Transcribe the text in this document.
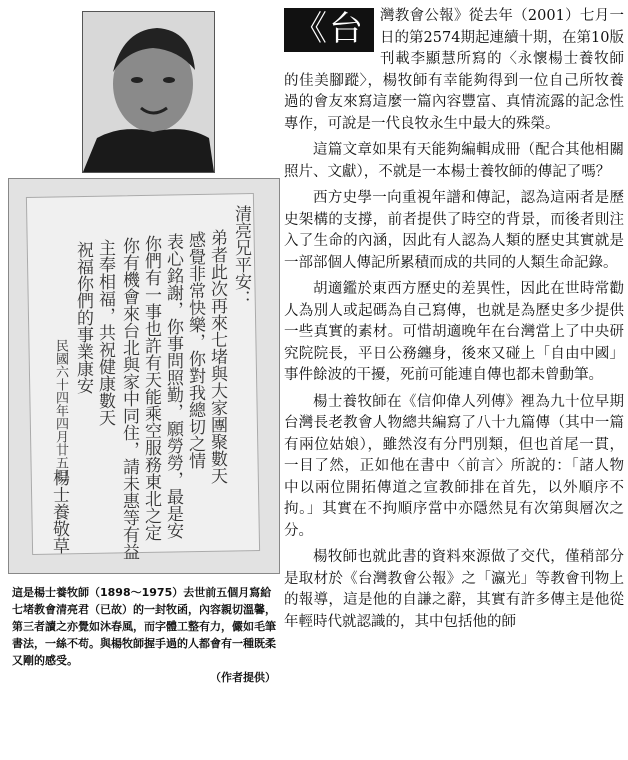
清亮兄平安：
弟者此次再來七堵與大家團聚數天
感覺非常快樂，你對我總切之情
表心銘謝，你事問照勤，願勞勞，最是安
你們有一事也許有天能乘空服務東北之定
你有機會來台北與家中同住，請未惠等有益
主奉相福，共祝健康數天
祝福你們的事業康安
民國六十四年四月廿五日
楊士養敬草
這是楊士養牧師（1898～1975）去世前五個月寫給七堵教會清亮君（已故）的一封牧函，內容親切溫馨，第三者讀之亦覺如沐春風，而字體工整有力，儼如毛筆書法，一絲不苟。與楊牧師握手過的人都會有一種既柔又剛的感受。
（作者提供）
《台	灣教會公報》從去年（2001）七月一日的第2574期起連續十期，在第10版刊載李顯慧所寫的〈永懷楊士養牧師的佳美腳蹤〉，楊牧師有幸能夠得到一位自己所牧養過的會友來寫這麼一篇內容豐富、真情流露的記念性專作，可說是一代良牧永生中最大的殊榮。

這篇文章如果有天能夠編輯成冊（配合其他相關照片、文獻），不就是一本楊士養牧師的傳記了嗎？

西方史學一向重視年譜和傳記，認為這兩者是歷史架構的支撐，前者提供了時空的背景，而後者則注入了生命的內涵，因此有人認為人類的歷史其實就是一部部個人傳記所累積而成的共同的人類生命記錄。

胡適鑑於東西方歷史的差異性，因此在世時常勸人為別人或起碼為自己寫傳，也就是為歷史多少提供一些真實的素材。可惜胡適晚年在台灣當上了中央研究院院長，平日公務纏身，後來又碰上「自由中國」事件餘波的干擾，死前可能連自傳也都未曾動筆。

楊士養牧師在《信仰偉人列傳》裡為九十位早期台灣長老教會人物總共編寫了八十九篇傳（其中一篇有兩位姑娘），雖然沒有分門別類，但也首尾一貫，一目了然，正如他在書中〈前言〉所說的：「諸人物中以兩位開拓傳道之宣教師排在首先，以外順序不拘。」其實在不拘順序當中亦隱然見有次第與層次之分。

楊牧師也就此書的資料來源做了交代，僅稍部分是取材於《台灣教會公報》之「瀛光」等教會刊物上的報導，這是他的自謙之辭，其實有許多傳主是他從年輕時代就認識的，其中包括他的師
